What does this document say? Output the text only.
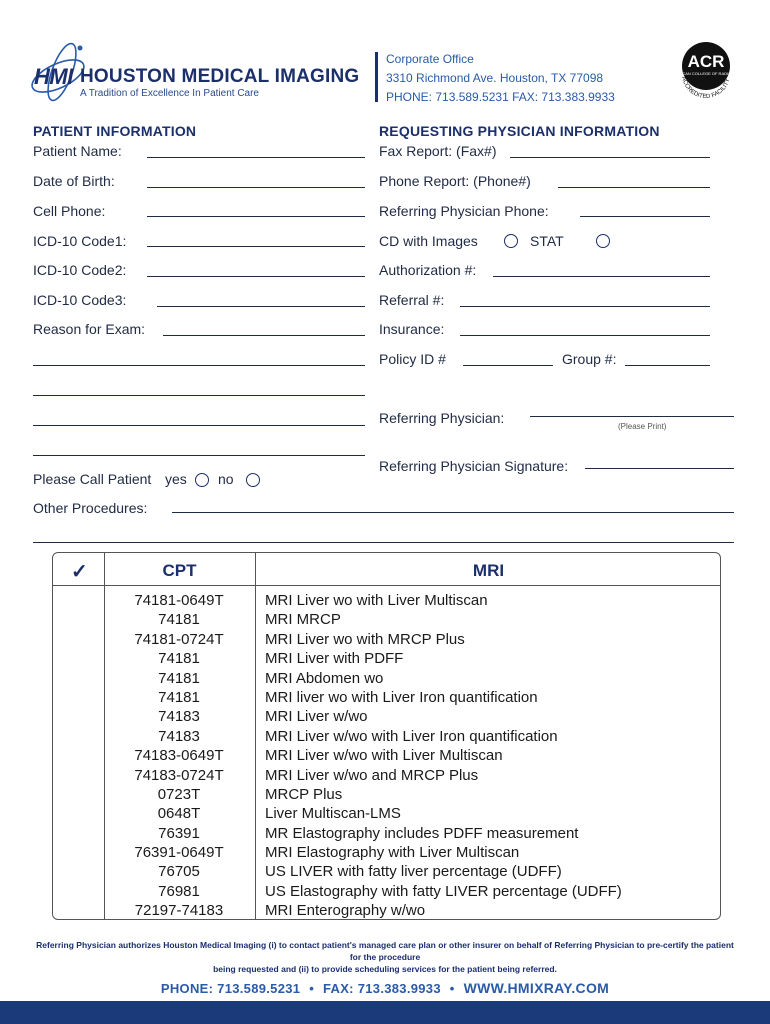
HMI HOUSTON MEDICAL IMAGING
A Tradition of Excellence In Patient Care
Corporate Office
3310 Richmond Ave. Houston, TX 77098
PHONE: 713.589.5231 FAX: 713.383.9933
ACR
AMERICAN COLLEGE OF RADIOLOGY
ACCREDITED FACILITY
PATIENT INFORMATION
Patient Name:
Date of Birth:
Cell Phone:
ICD-10 Code1:
ICD-10 Code2:
ICD-10 Code3:
Reason for Exam:
Please Call Patient yes no
Other Procedures:
REQUESTING PHYSICIAN INFORMATION
Fax Report: (Fax#)
Phone Report: (Phone#)
Referring Physician Phone:
CD with Images	STAT
Authorization #:
Referral #:
Insurance:
Policy ID #	Group #:
Referring Physician:
(Please Print)
Referring Physician Signature:
✓	CPT	MRI
74181-0649T	MRI Liver wo with Liver Multiscan
74181	MRI MRCP
74181-0724T	MRI Liver wo with MRCP Plus
74181	MRI Liver with PDFF
74181	MRI Abdomen wo
74181	MRI liver wo with Liver Iron quantification
74183	MRI Liver w/wo
74183	MRI Liver w/wo with Liver Iron quantification
74183-0649T	MRI Liver w/wo with Liver Multiscan
74183-0724T	MRI Liver w/wo and MRCP Plus
0723T	MRCP Plus
0648T	Liver Multiscan-LMS
76391	MR Elastography includes PDFF measurement
76391-0649T	MRI Elastography with Liver Multiscan
76705	US LIVER with fatty liver percentage (UDFF)
76981	US Elastography with fatty LIVER percentage (UDFF)
72197-74183	MRI Enterography w/wo
Referring Physician authorizes Houston Medical Imaging (i) to contact patient's managed care plan or other insurer on behalf of Referring Physician to pre-certify the patient for the procedure
being requested and (ii) to provide scheduling services for the patient being referred.
PHONE: 713.589.5231 • FAX: 713.383.9933 • WWW.HMIXRAY.COM
